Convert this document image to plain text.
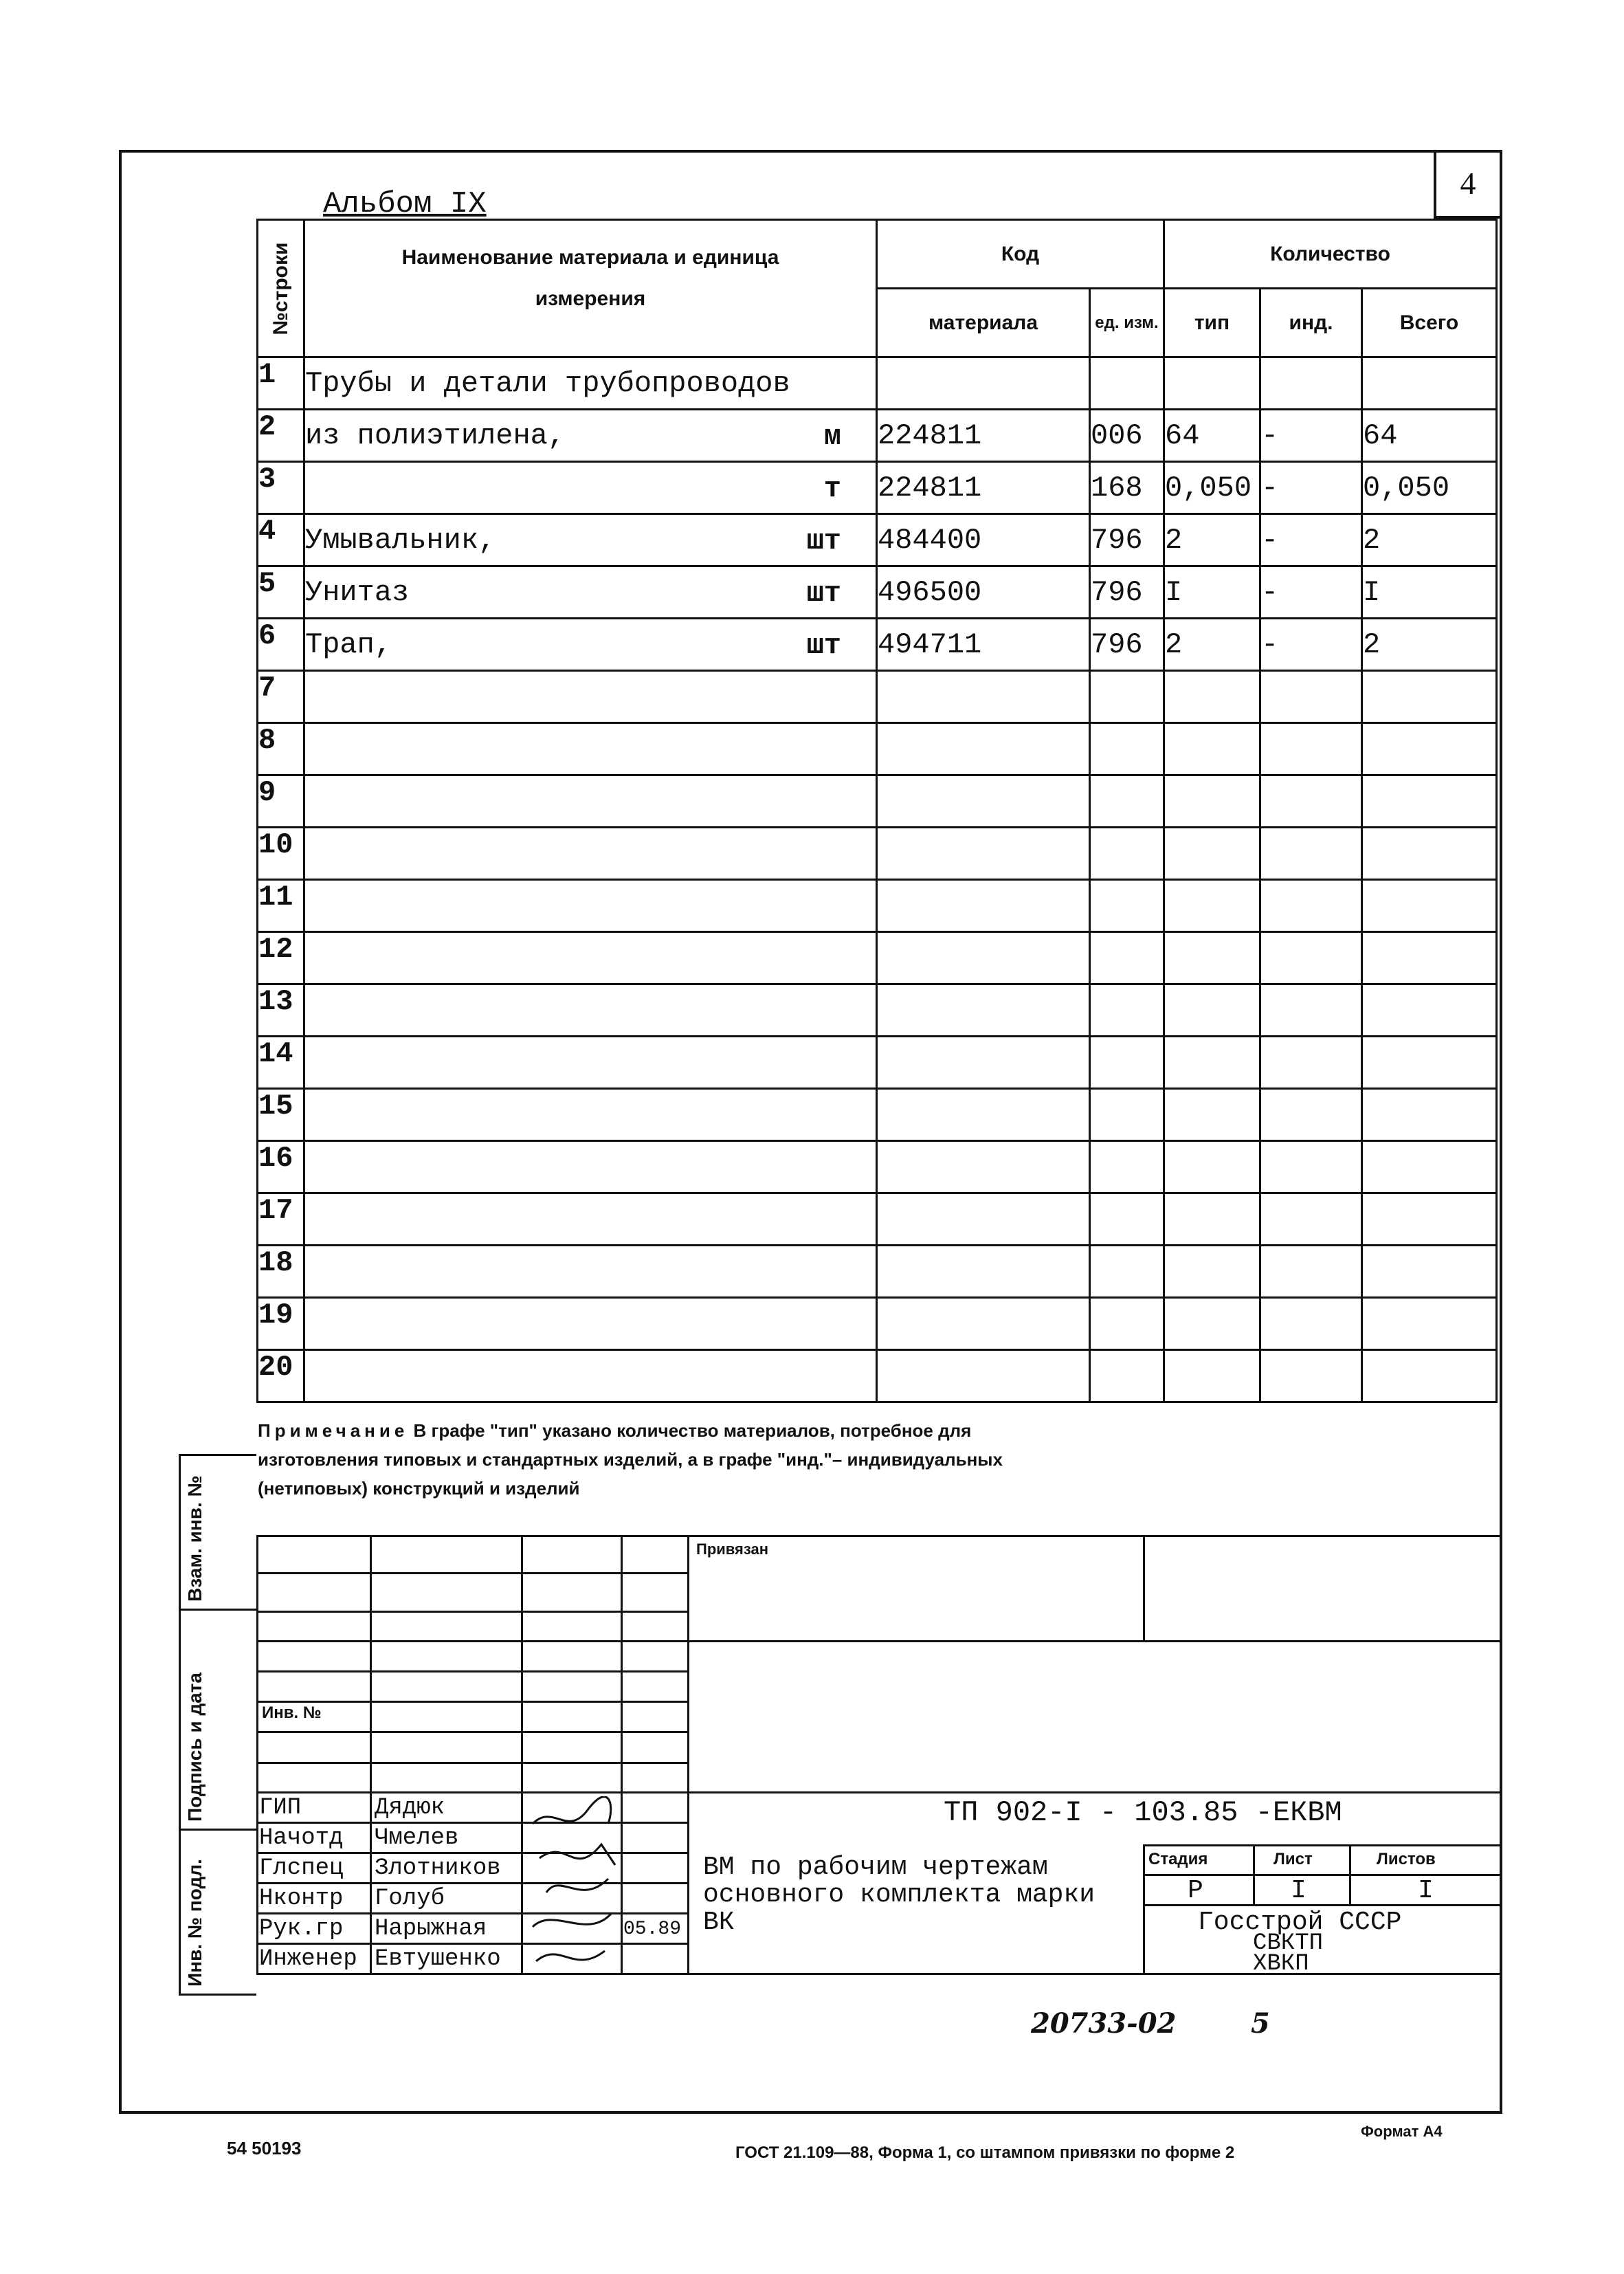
4
Альбом IX
№строки	Наименование материала и единица измерения	Код		Количество		
		материала	ед. изм.	тип	инд.	Всего
1	Трубы и детали трубопроводов

2	из полиэтилена, м	224811	006	64	-	64
3	т	224811	168	0,050	-	0,050
4	Умывальник, шт	484400	796	2	-	2
5	Унитаз шт	496500	796	I	-	I
6	Трап, шт	494711	796	2	-	2
7	

8	

9	

10	

11	

12	

13	

14	

15	

16	

17	

18	

19	

20	

Примечание В графе "тип" указано количество материалов, потребное для изготовления типовых и стандартных изделий, а в графе "инд."– индивидуальных (нетиповых) конструкций и изделий
Взам. инв. №
Подпись и дата
Инв. № подл.
Привязан
Инв. №
ТП 902-I - 103.85 -ЕКВМ
ГИП	Дядюк
Начотд Чмелев
Глспец Злотников
Нконтр Голуб
Рук.гр Нарыжная	05.89
Инженер Евтушенко
ВМ по рабочим чертежам
основного комплекта марки
ВК
Стадия	Лист	Листов
Р	I	I
Госстрой СССР
СВКТП
ХВКП
20733-02	5
Формат А4
54 50193	ГОСТ 21.109—88, Форма 1, со штампом привязки по форме 2
